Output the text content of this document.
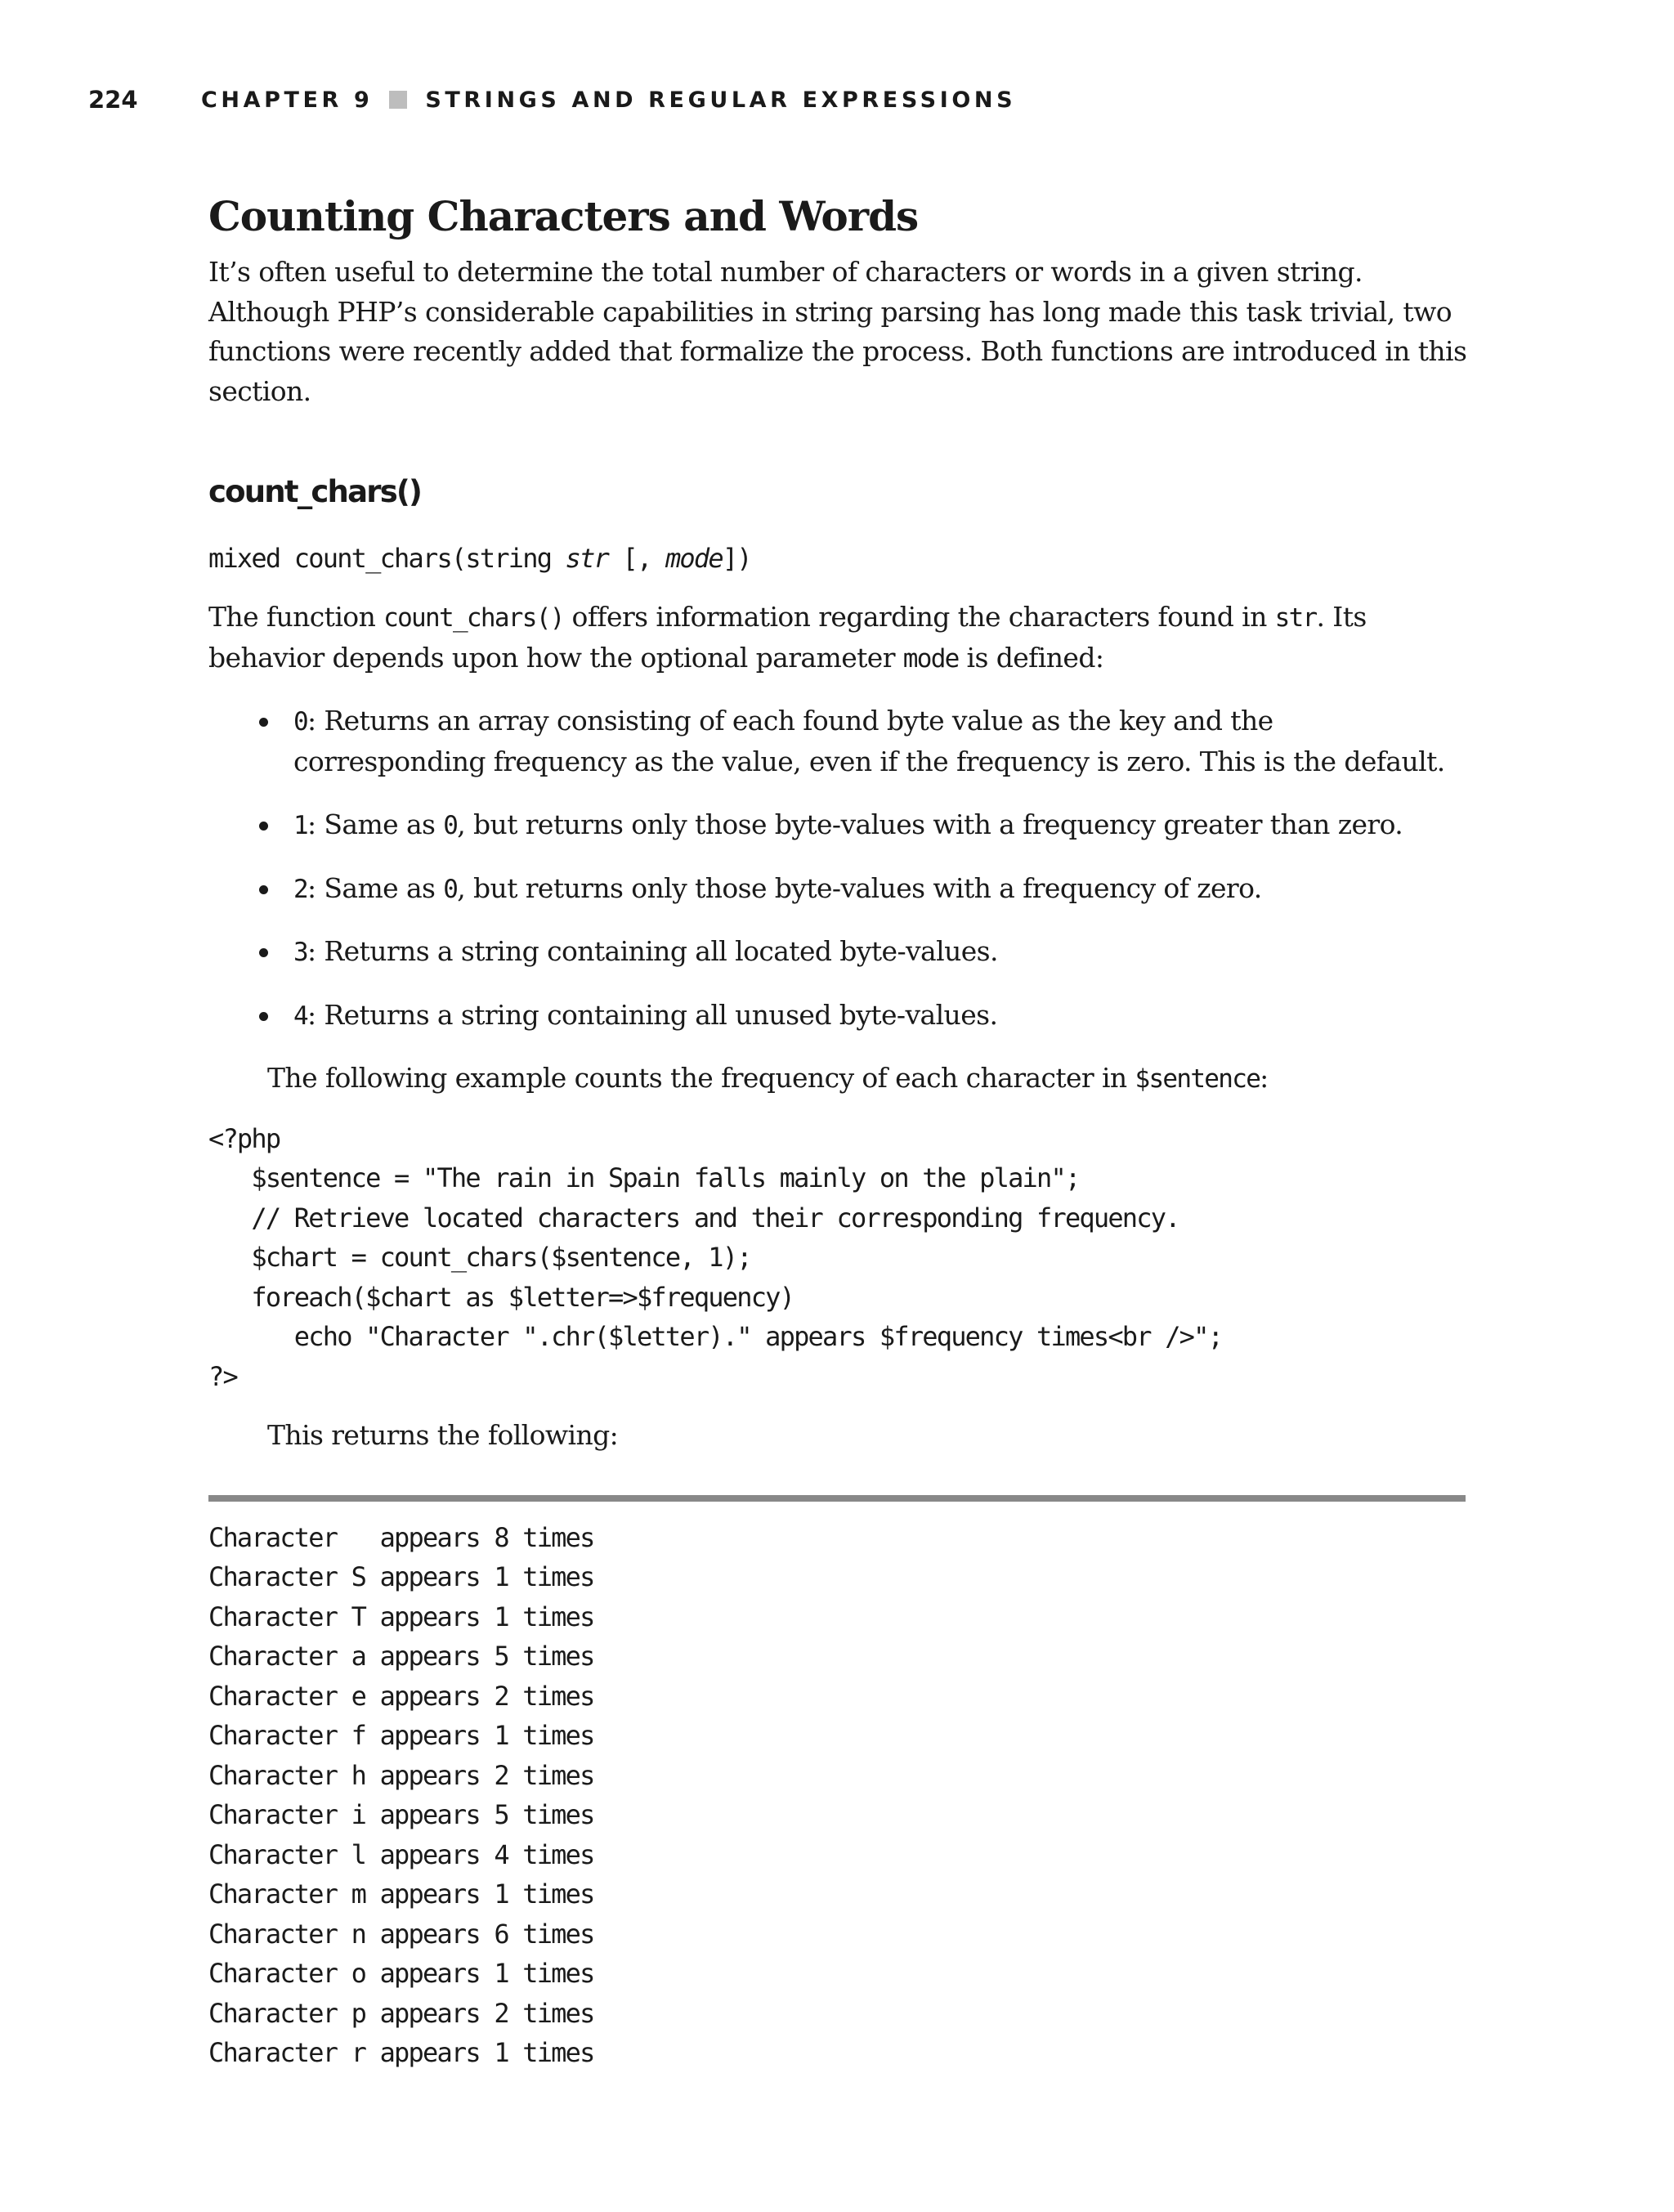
224	CHAPTER 9 STRINGS AND REGULAR EXPRESSIONS
Counting Characters and Words

It’s often useful to determine the total number of characters or words in a given string. Although PHP’s considerable capabilities in string parsing has long made this task trivial, two functions were recently added that formalize the process. Both functions are introduced in this section.

count_chars()
mixed count_chars(string str [, mode])

The function count_chars() offers information regarding the characters found in str. Its behavior depends upon how the optional parameter mode is defined:

0: Returns an array consisting of each found byte value as the key and the corresponding frequency as the value, even if the frequency is zero. This is the default.
1: Same as 0, but returns only those byte-values with a frequency greater than zero.
2: Same as 0, but returns only those byte-values with a frequency of zero.
3: Returns a string containing all located byte-values.
4: Returns a string containing all unused byte-values.

The following example counts the frequency of each character in $sentence:

<?php
$sentence = "The rain in Spain falls mainly on the plain";
// Retrieve located characters and their corresponding frequency.
$chart = count_chars($sentence, 1);
foreach($chart as $letter=>$frequency)
echo "Character ".chr($letter)." appears $frequency times<br />";
?>

This returns the following:

Character   appears 8 times
Character S appears 1 times
Character T appears 1 times
Character a appears 5 times
Character e appears 2 times
Character f appears 1 times
Character h appears 2 times
Character i appears 5 times
Character l appears 4 times
Character m appears 1 times
Character n appears 6 times
Character o appears 1 times
Character p appears 2 times
Character r appears 1 times
